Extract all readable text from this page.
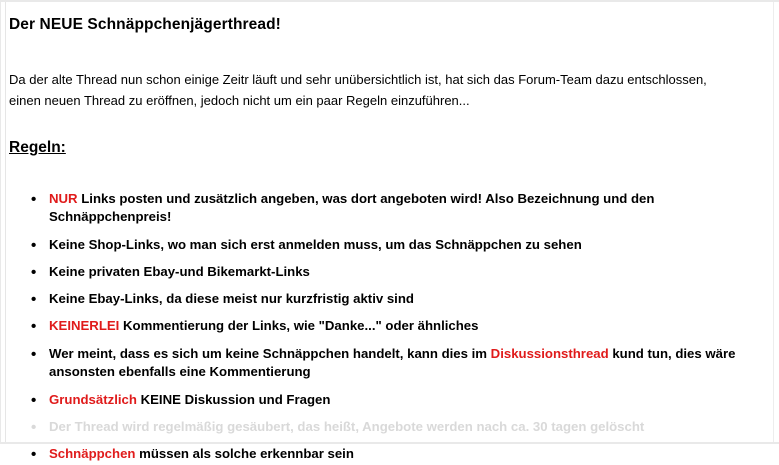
Der NEUE Schnäppchenjägerthread!

Da der alte Thread nun schon einige Zeitr läuft und sehr unübersichtlich ist, hat sich das Forum-Team dazu entschlossen, einen neuen Thread zu eröffnen, jedoch nicht um ein paar Regeln einzuführen...

Regeln:
• NUR Links posten und zusätzlich angeben, was dort angeboten wird! Also Bezeichnung und den Schnäppchenpreis!
• Keine Shop-Links, wo man sich erst anmelden muss, um das Schnäppchen zu sehen
• Keine privaten Ebay-und Bikemarkt-Links
• Keine Ebay-Links, da diese meist nur kurzfristig aktiv sind
• KEINERLEI Kommentierung der Links, wie "Danke..." oder ähnliches
• Wer meint, dass es sich um keine Schnäppchen handelt, kann dies im Diskussionsthread kund tun, dies wäre ansonsten ebenfalls eine Kommentierung
• Grundsätzlich KEINE Diskussion und Fragen
• Der Thread wird regelmäßig gesäubert, das heißt, Angebote werden nach ca. 30 tagen gelöscht
• Schnäppchen müssen als solche erkennbar sein
